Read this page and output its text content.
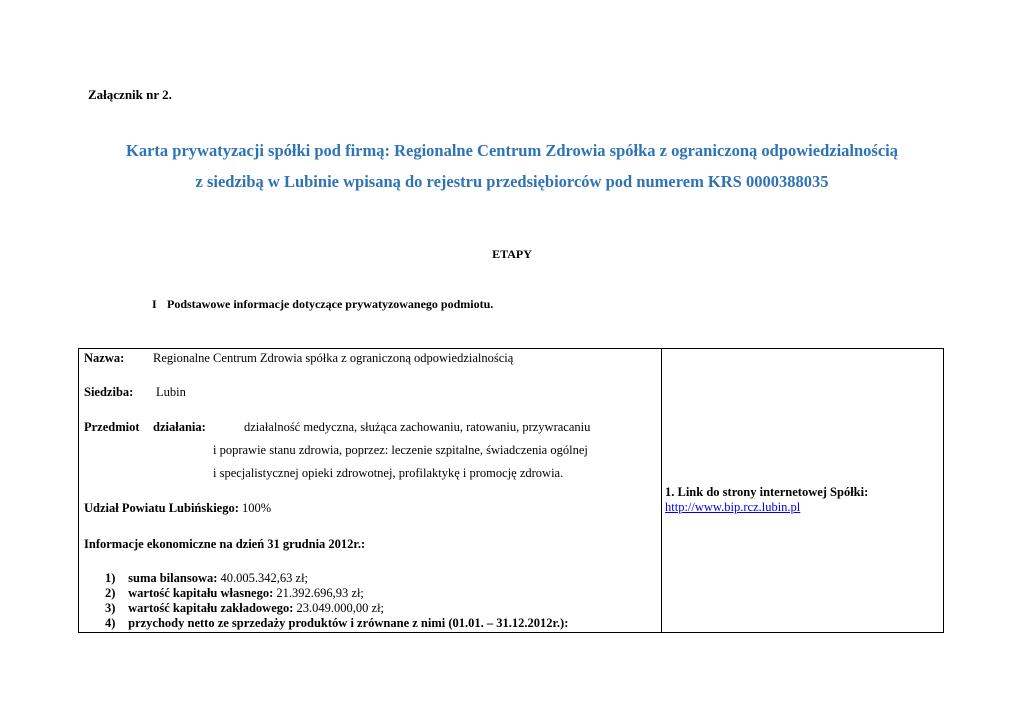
Załącznik nr 2.
Karta prywatyzacji spółki pod firmą: Regionalne Centrum Zdrowia spółka z ograniczoną odpowiedzialnością
z siedzibą w Lubinie wpisaną do rejestru przedsiębiorców pod numerem KRS 0000388035
ETAPY
I Podstawowe informacje dotyczące prywatyzowanego podmiotu.
Nazwa: Regionalne Centrum Zdrowia spółka z ograniczoną odpowiedzialnością
Siedziba: Lubin
Przedmiot działania:	działalność medyczna, służąca zachowaniu, ratowaniu, przywracaniu
i poprawie stanu zdrowia, poprzez: leczenie szpitalne, świadczenia ogólnej
i specjalistycznej opieki zdrowotnej, profilaktykę i promocję zdrowia.
Udział Powiatu Lubińskiego: 100%
Informacje ekonomiczne na dzień 31 grudnia 2012r.:
1) suma bilansowa: 40.005.342,63 zł;
2) wartość kapitału własnego: 21.392.696,93 zł;
3) wartość kapitału zakładowego: 23.049.000,00 zł;
4) przychody netto ze sprzedaży produktów i zrównane z nimi (01.01. – 31.12.2012r.):
1. Link do strony internetowej Spółki:
http://www.bip.rcz.lubin.pl
